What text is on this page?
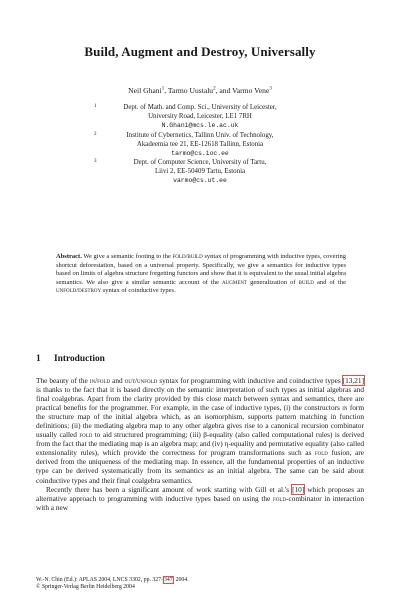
Build, Augment and Destroy, Universally
Neil Ghani$^1$, Tarmo Uustalu$^2$, and Varmo Vene$^3$
1	Dept. of Math. and Comp. Sci., University of Leicester,
University Road, Leicester, LE1 7RH
N.Ghani@mcs.le.ac.uk
2	Institute of Cybernetics, Tallinn Univ. of Technology,
Akadeemia tee 21, EE-12618 Tallinn, Estonia
tarmo@cs.ioc.ee
3	Dept. of Computer Science, University of Tartu,
Liivi 2, EE-50409 Tartu, Estonia
varmo@cs.ut.ee
Abstract. We give a semantic footing to the fold/build syntax of programming with inductive types, covering shortcut deforestation, based on a universal property. Specifically, we give a semantics for inductive types based on limits of algebra structure forgetting functors and show that it is equivalent to the usual initial algebra semantics. We also give a similar semantic account of the augment generalization of build and of the unfold/destroy syntax of coinductive types.
1 Introduction

The beauty of the in/fold and out/unfold syntax for programming with inductive and coinductive types [13,21] is thanks to the fact that it is based directly on the semantic interpretation of such types as initial algebras and final coalgebras. Apart from the clarity provided by this close match between syntax and semantics, there are practical benefits for the programmer. For example, in the case of inductive types, (i) the constructors in form the structure map of the initial algebra which, as an isomorphism, supports pattern matching in function definitions; (ii) the mediating algebra map to any other algebra gives rise to a canonical recursion combinator usually called fold to aid structured programming; (iii) β-equality (also called computational rules) is derived from the fact that the mediating map is an algebra map; and (iv) η-equality and permutative equality (also called extensionality rules), which provide the correctness for program transformations such as fold fusion, are derived from the uniqueness of the mediating map. In essence, all the fundamental properties of an inductive type can be derived systematically from its semantics as an initial algebra. The same can be said about coinductive types and their final coalgebra semantics.

Recently there has been a significant amount of work starting with Gill et al.'s [10] which proposes an alternative approach to programming with inductive types based on using the fold-combinator in interaction with a new

W.-N. Chin (Ed.): APLAS 2004, LNCS 3302, pp. 327–347, 2004.
© Springer-Verlag Berlin Heidelberg 2004
